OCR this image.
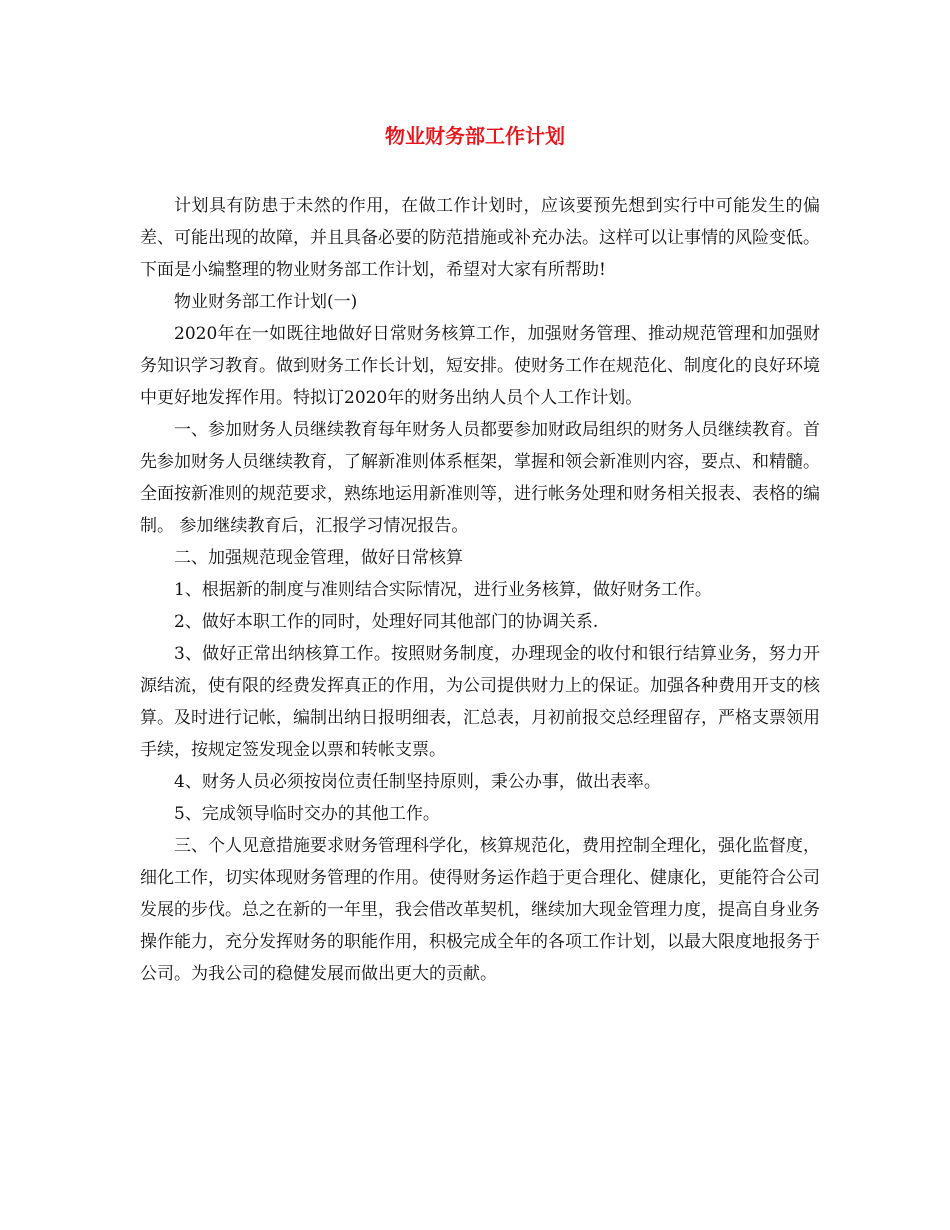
物业财务部工作计划

计划具有防患于未然的作用，在做工作计划时，应该要预先想到实行中可能发生的偏差、可能出现的故障，并且具备必要的防范措施或补充办法。这样可以让事情的风险变低。下面是小编整理的物业财务部工作计划，希望对大家有所帮助!

物业财务部工作计划(一)

2020年在一如既往地做好日常财务核算工作，加强财务管理、推动规范管理和加强财务知识学习教育。做到财务工作长计划，短安排。使财务工作在规范化、制度化的良好环境中更好地发挥作用。特拟订2020年的财务出纳人员个人工作计划。

一、参加财务人员继续教育每年财务人员都要参加财政局组织的财务人员继续教育。首先参加财务人员继续教育，了解新准则体系框架，掌握和领会新准则内容，要点、和精髓。全面按新准则的规范要求，熟练地运用新准则等，进行帐务处理和财务相关报表、表格的编制。 参加继续教育后，汇报学习情况报告。

二、加强规范现金管理，做好日常核算

1、根据新的制度与准则结合实际情况，进行业务核算，做好财务工作。

2、做好本职工作的同时，处理好同其他部门的协调关系.

3、做好正常出纳核算工作。按照财务制度，办理现金的收付和银行结算业务，努力开源结流，使有限的经费发挥真正的作用，为公司提供财力上的保证。加强各种费用开支的核算。及时进行记帐，编制出纳日报明细表，汇总表，月初前报交总经理留存，严格支票领用手续，按规定签发现金以票和转帐支票。

4、财务人员必须按岗位责任制坚持原则，秉公办事，做出表率。

5、完成领导临时交办的其他工作。

三、个人见意措施要求财务管理科学化，核算规范化，费用控制全理化，强化监督度，细化工作，切实体现财务管理的作用。使得财务运作趋于更合理化、健康化，更能符合公司发展的步伐。总之在新的一年里，我会借改革契机，继续加大现金管理力度，提高自身业务操作能力，充分发挥财务的职能作用，积极完成全年的各项工作计划，以最大限度地报务于公司。为我公司的稳健发展而做出更大的贡献。
